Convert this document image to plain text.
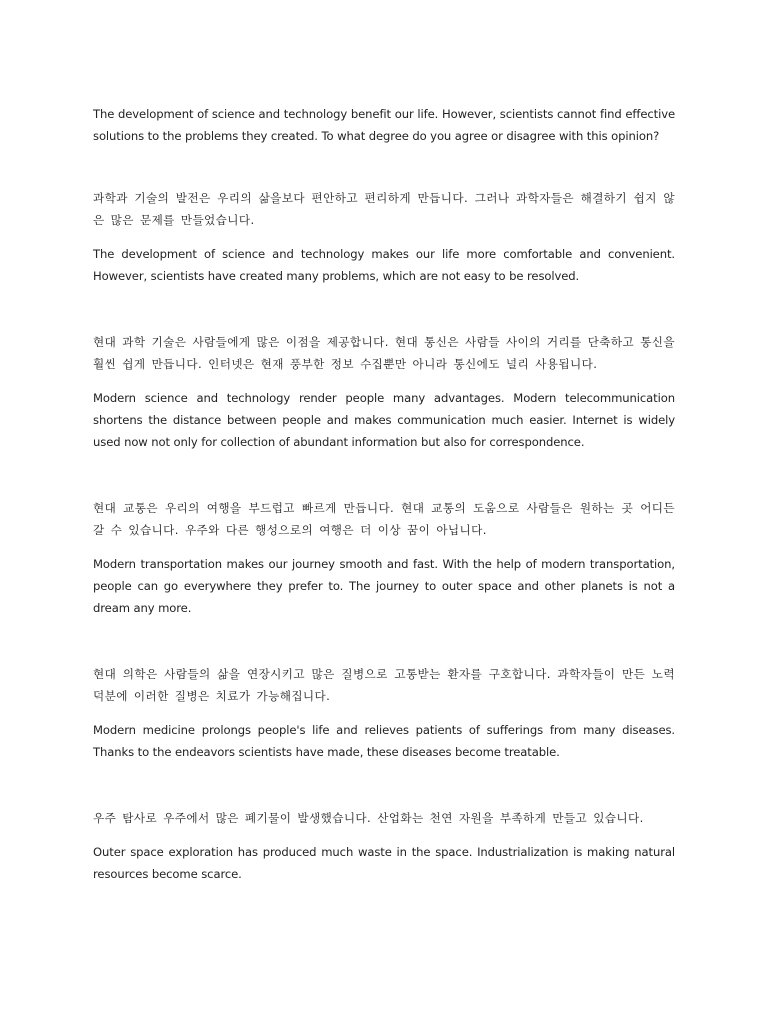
The development of science and technology benefit our life. However, scientists cannot find effective solutions to the problems they created. To what degree do you agree or disagree with this opinion?

과학과 기술의 발전은 우리의 삶을보다 편안하고 편리하게 만듭니다. 그러나 과학자들은 해결하기 쉽지 않은 많은 문제를 만들었습니다.

The development of science and technology makes our life more comfortable and convenient. However, scientists have created many problems, which are not easy to be resolved.

현대 과학 기술은 사람들에게 많은 이점을 제공합니다. 현대 통신은 사람들 사이의 거리를 단축하고 통신을 훨씬 쉽게 만듭니다. 인터넷은 현재 풍부한 정보 수집뿐만 아니라 통신에도 널리 사용됩니다.

Modern science and technology render people many advantages. Modern telecommunication shortens the distance between people and makes communication much easier. Internet is widely used now not only for collection of abundant information but also for correspondence.

현대 교통은 우리의 여행을 부드럽고 빠르게 만듭니다. 현대 교통의 도움으로 사람들은 원하는 곳 어디든 갈 수 있습니다. 우주와 다른 행성으로의 여행은 더 이상 꿈이 아닙니다.

Modern transportation makes our journey smooth and fast. With the help of modern transportation, people can go everywhere they prefer to. The journey to outer space and other planets is not a dream any more.

현대 의학은 사람들의 삶을 연장시키고 많은 질병으로 고통받는 환자를 구호합니다. 과학자들이 만든 노력 덕분에 이러한 질병은 치료가 가능해집니다.

Modern medicine prolongs people's life and relieves patients of sufferings from many diseases. Thanks to the endeavors scientists have made, these diseases become treatable.

우주 탐사로 우주에서 많은 폐기물이 발생했습니다. 산업화는 천연 자원을 부족하게 만들고 있습니다.

Outer space exploration has produced much waste in the space. Industrialization is making natural resources become scarce.
